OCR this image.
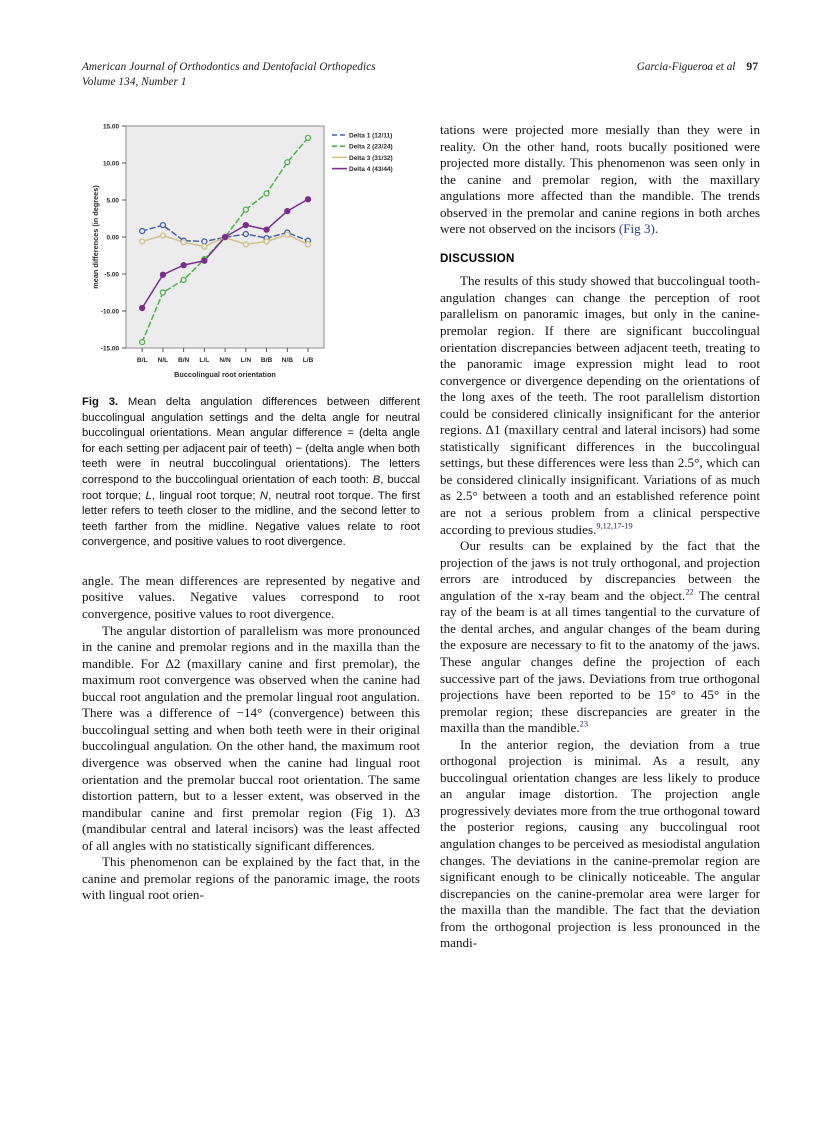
American Journal of Orthodontics and Dentofacial Orthopedics
Volume 134, Number 1
Garcia-Figueroa et al 97
15.00
10.00
5.00
0.00
-5.00
-10.00
-15.00
B/L N/L B/N L/L N/N L/N B/B N/B L/B
Delta 1 (12/11)
Delta 2 (23/24)
Delta 3 (31/32)
Delta 4 (43/44)
mean differences (in degrees)
Buccolingual root orientation
Fig 3. Mean delta angulation differences between different buccolingual angulation settings and the delta angle for neutral buccolingual orientations. Mean angular difference = (delta angle for each setting per adjacent pair of teeth) − (delta angle when both teeth were in neutral buccolingual orientations). The letters correspond to the buccolingual orientation of each tooth: B, buccal root torque; L, lingual root torque; N, neutral root torque. The first letter refers to teeth closer to the midline, and the second letter to teeth farther from the midline. Negative values relate to root convergence, and positive values to root divergence.

angle. The mean differences are represented by negative and positive values. Negative values correspond to root convergence, positive values to root divergence.

The angular distortion of parallelism was more pronounced in the canine and premolar regions and in the maxilla than the mandible. For Δ2 (maxillary canine and first premolar), the maximum root convergence was observed when the canine had buccal root angulation and the premolar lingual root angulation. There was a difference of −14° (convergence) between this buccolingual setting and when both teeth were in their original buccolingual angulation. On the other hand, the maximum root divergence was observed when the canine had lingual root orientation and the premolar buccal root orientation. The same distortion pattern, but to a lesser extent, was observed in the mandibular canine and first premolar region (Fig 1). Δ3 (mandibular central and lateral incisors) was the least affected of all angles with no statistically significant differences.

This phenomenon can be explained by the fact that, in the canine and premolar regions of the panoramic image, the roots with lingual root orien-

tations were projected more mesially than they were in reality. On the other hand, roots bucally positioned were projected more distally. This phenomenon was seen only in the canine and premolar region, with the maxillary angulations more affected than the mandible. The trends observed in the premolar and canine regions in both arches were not observed on the incisors (Fig 3).

DISCUSSION

The results of this study showed that buccolingual tooth-angulation changes can change the perception of root parallelism on panoramic images, but only in the canine-premolar region. If there are significant buccolingual orientation discrepancies between adjacent teeth, treating to the panoramic image expression might lead to root convergence or divergence depending on the orientations of the long axes of the teeth. The root parallelism distortion could be considered clinically insignificant for the anterior regions. Δ1 (maxillary central and lateral incisors) had some statistically significant differences in the buccolingual settings, but these differences were less than 2.5°, which can be considered clinically insignificant. Variations of as much as 2.5° between a tooth and an established reference point are not a serious problem from a clinical perspective according to previous studies.$^{9,12,17-19}$

Our results can be explained by the fact that the projection of the jaws is not truly orthogonal, and projection errors are introduced by discrepancies between the angulation of the x-ray beam and the object.$^{22}$ The central ray of the beam is at all times tangential to the curvature of the dental arches, and angular changes of the beam during the exposure are necessary to fit to the anatomy of the jaws. These angular changes define the projection of each successive part of the jaws. Deviations from true orthogonal projections have been reported to be 15° to 45° in the premolar region; these discrepancies are greater in the maxilla than the mandible.$^{23}$

In the anterior region, the deviation from a true orthogonal projection is minimal. As a result, any buccolingual orientation changes are less likely to produce an angular image distortion. The projection angle progressively deviates more from the true orthogonal toward the posterior regions, causing any buccolingual root angulation changes to be perceived as mesiodistal angulation changes. The deviations in the canine-premolar region are significant enough to be clinically noticeable. The angular discrepancies on the canine-premolar area were larger for the maxilla than the mandible. The fact that the deviation from the orthogonal projection is less pronounced in the mandi-
